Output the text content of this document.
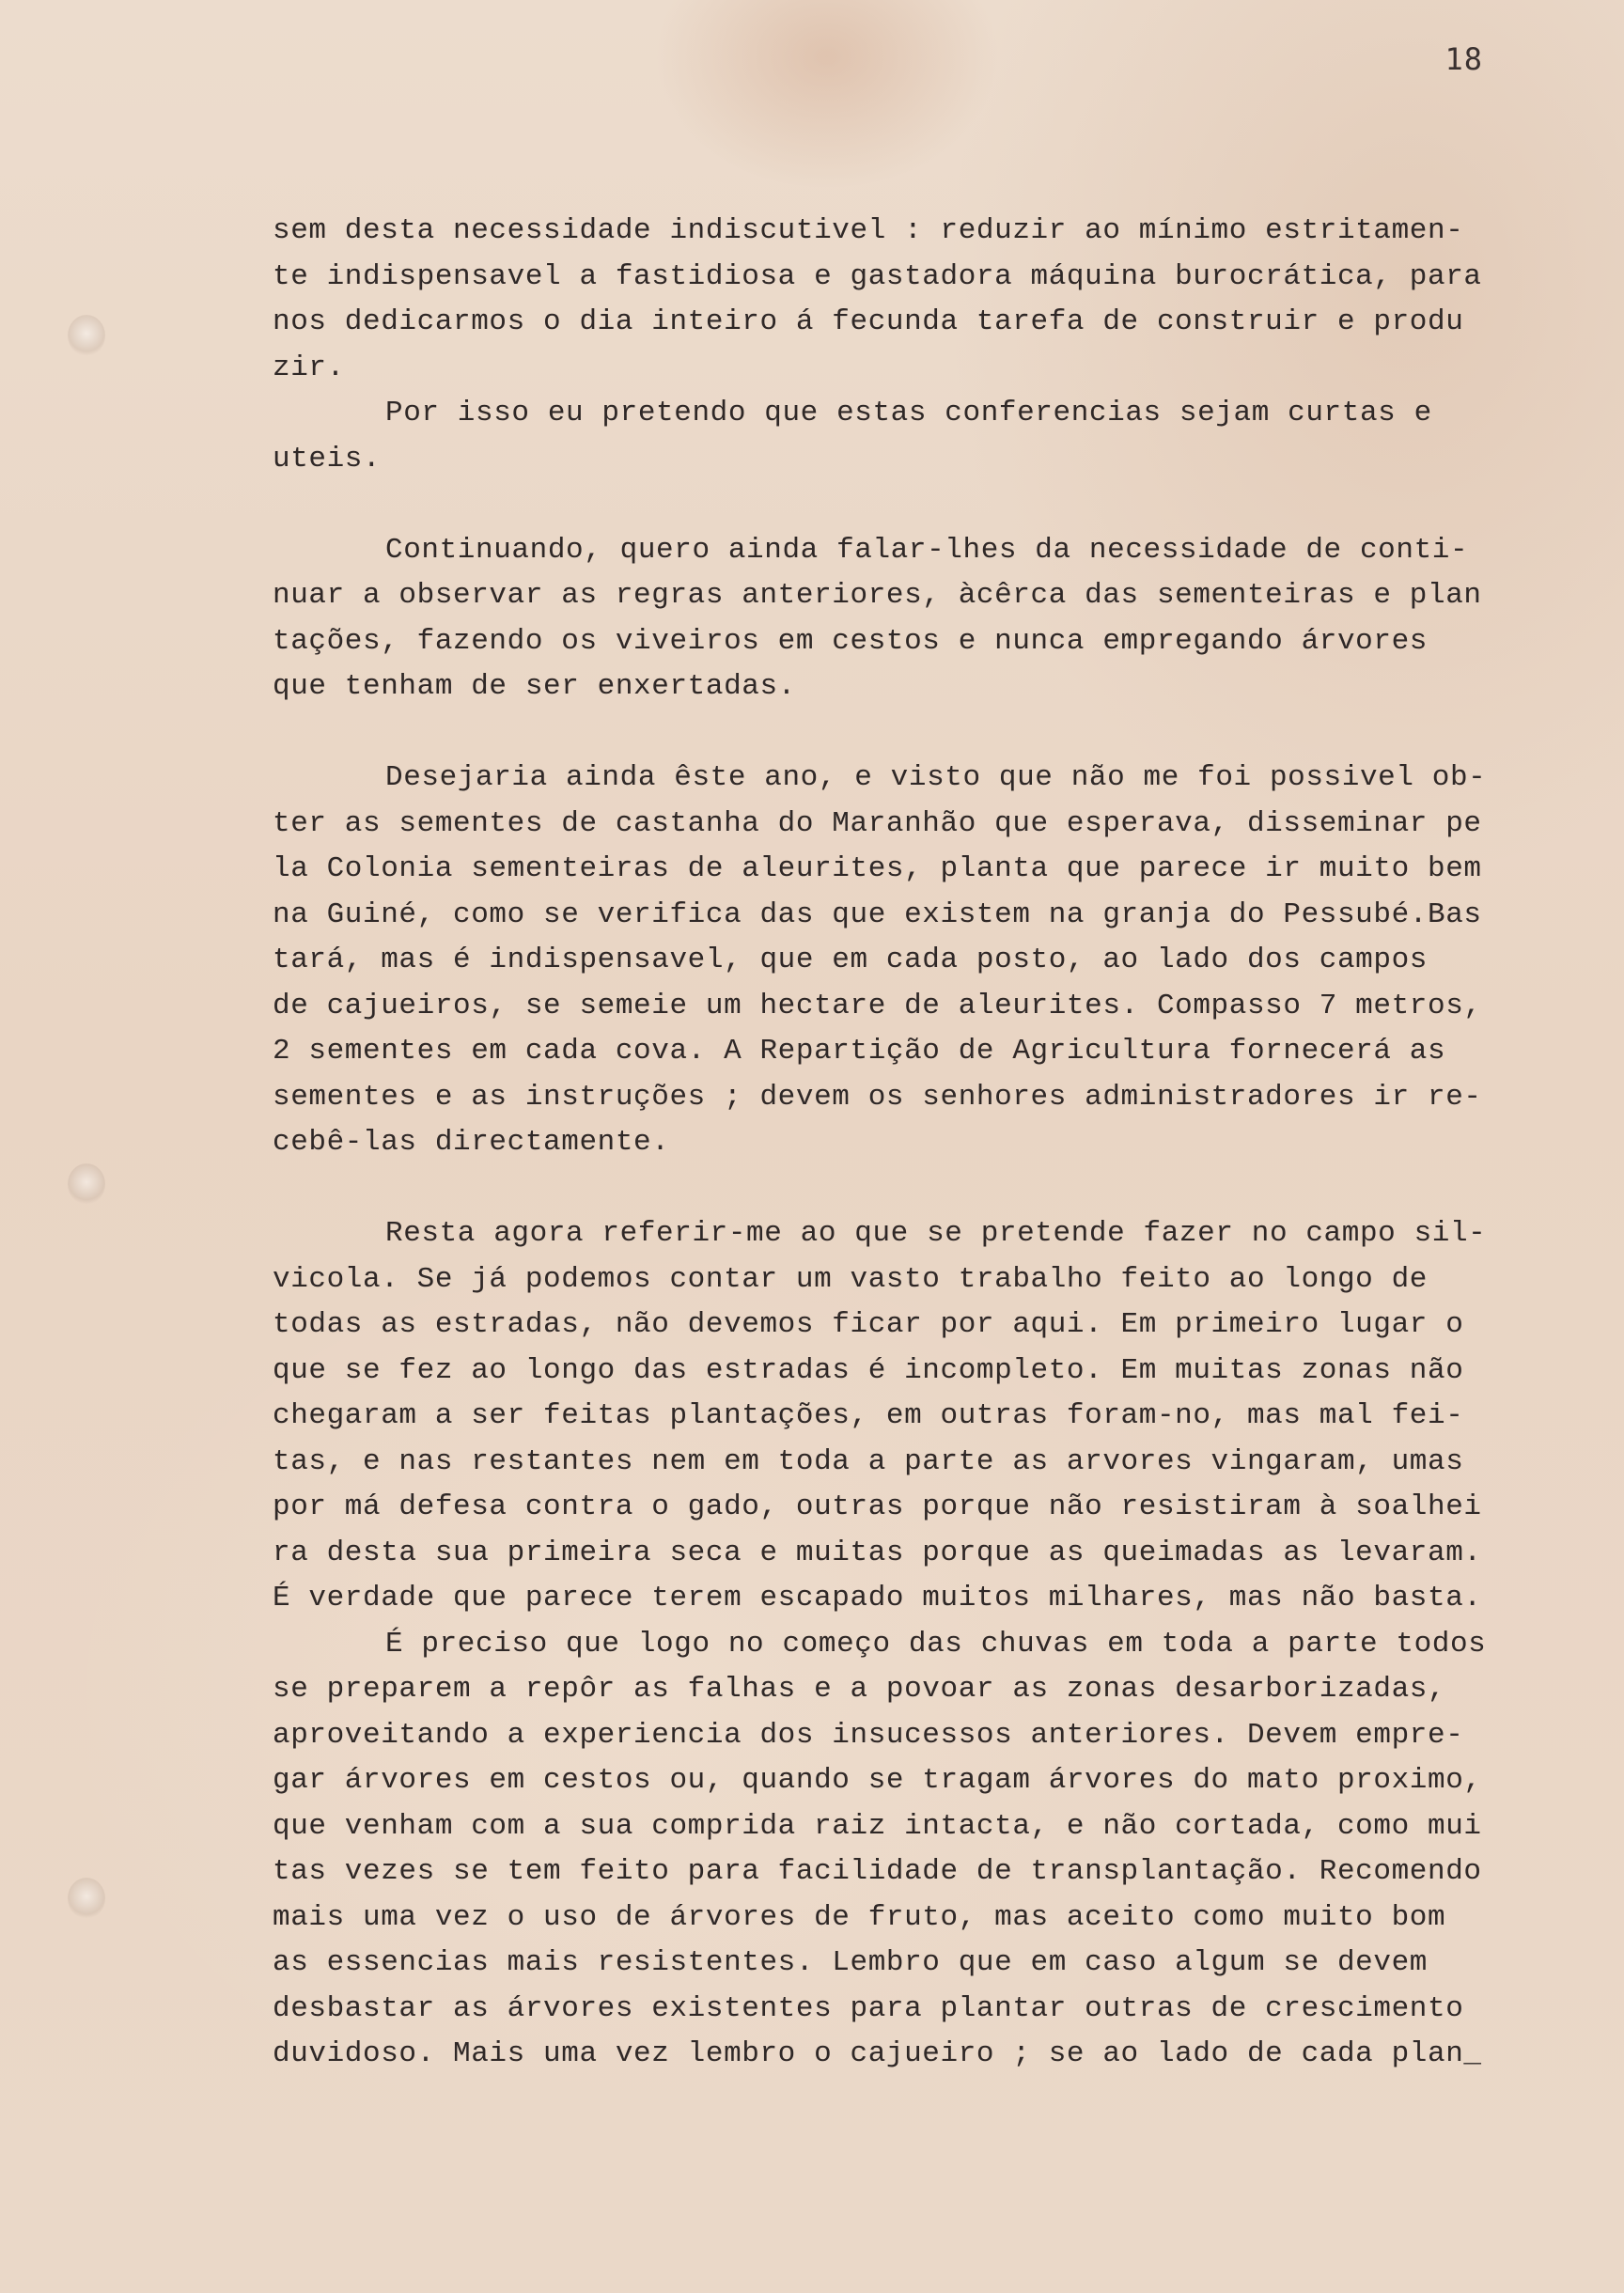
18
sem desta necessidade indiscutivel : reduzir ao mínimo estritamen-
te indispensavel a fastidiosa e gastadora máquina burocrática, para
nos dedicarmos o dia inteiro á fecunda tarefa de construir e produ
zir.
Por isso eu pretendo que estas conferencias sejam curtas e
uteis.
Continuando, quero ainda falar-lhes da necessidade de conti-
nuar a observar as regras anteriores, àcêrca das sementeiras e plan
tações, fazendo os viveiros em cestos e nunca empregando árvores
que tenham de ser enxertadas.
Desejaria ainda êste ano, e visto que não me foi possivel ob-
ter as sementes de castanha do Maranhão que esperava, disseminar pe
la Colonia sementeiras de aleurites, planta que parece ir muito bem
na Guiné, como se verifica das que existem na granja do Pessubé.Bas
tará, mas é indispensavel, que em cada posto, ao lado dos campos
de cajueiros, se semeie um hectare de aleurites. Compasso 7 metros,
2 sementes em cada cova. A Repartição de Agricultura fornecerá as
sementes e as instruções ; devem os senhores administradores ir re-
cebê-las directamente.
Resta agora referir-me ao que se pretende fazer no campo sil-
vicola. Se já podemos contar um vasto trabalho feito ao longo de
todas as estradas, não devemos ficar por aqui. Em primeiro lugar o
que se fez ao longo das estradas é incompleto. Em muitas zonas não
chegaram a ser feitas plantações, em outras foram-no, mas mal fei-
tas, e nas restantes nem em toda a parte as arvores vingaram, umas
por má defesa contra o gado, outras porque não resistiram à soalhei
ra desta sua primeira seca e muitas porque as queimadas as levaram.
É verdade que parece terem escapado muitos milhares, mas não basta.
É preciso que logo no começo das chuvas em toda a parte todos
se preparem a repôr as falhas e a povoar as zonas desarborizadas,
aproveitando a experiencia dos insucessos anteriores. Devem empre-
gar árvores em cestos ou, quando se tragam árvores do mato proximo,
que venham com a sua comprida raiz intacta, e não cortada, como mui
tas vezes se tem feito para facilidade de transplantação. Recomendo
mais uma vez o uso de árvores de fruto, mas aceito como muito bom
as essencias mais resistentes. Lembro que em caso algum se devem
desbastar as árvores existentes para plantar outras de crescimento
duvidoso. Mais uma vez lembro o cajueiro ; se ao lado de cada plan_
